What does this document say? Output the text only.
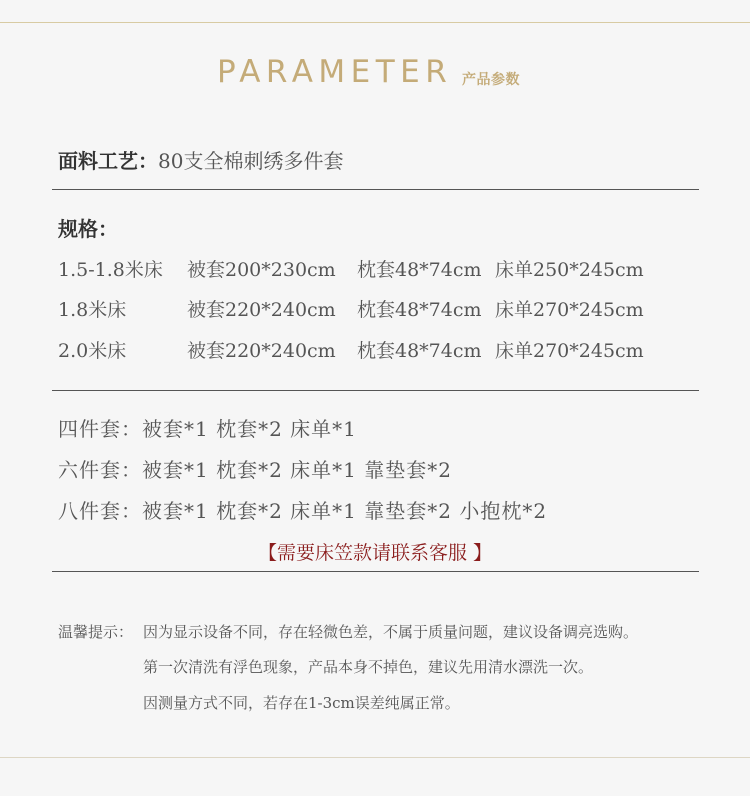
PARAMETER 产品参数
面料工艺：80支全棉刺绣多件套
规格：
1.5-1.8米床 被套200*230cm 枕套48*74cm 床单250*245cm
1.8米床	被套220*240cm 枕套48*74cm 床单270*245cm
2.0米床	被套220*240cm 枕套48*74cm 床单270*245cm
四件套：被套*1 枕套*2 床单*1
六件套：被套*1 枕套*2 床单*1 靠垫套*2
八件套：被套*1 枕套*2 床单*1 靠垫套*2 小抱枕*2
【需要床笠款请联系客服 】
温馨提示： 因为显示设备不同，存在轻微色差，不属于质量问题，建议设备调亮选购。
第一次清洗有浮色现象，产品本身不掉色，建议先用清水漂洗一次。
因测量方式不同，若存在1-3cm误差纯属正常。
